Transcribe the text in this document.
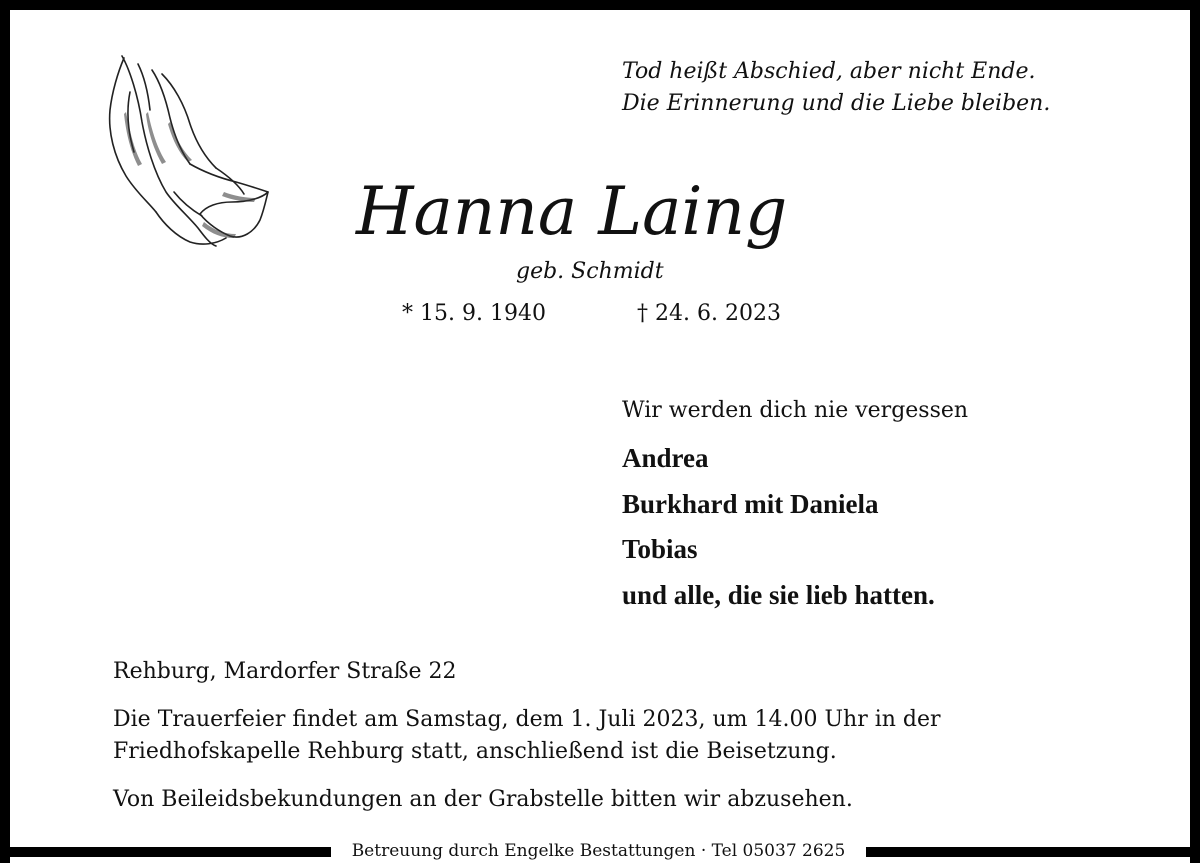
Tod heißt Abschied, aber nicht Ende.
Die Erinnerung und die Liebe bleiben.
Hanna Laing
geb. Schmidt
* 15. 9. 1940	† 24. 6. 2023
Wir werden dich nie vergessen
Andrea
Burkhard mit Daniela
Tobias
und alle, die sie lieb hatten.

Rehburg, Mardorfer Straße 22

Die Trauerfeier findet am Samstag, dem 1. Juli 2023, um 14.00 Uhr in der

Friedhofskapelle Rehburg statt, anschließend ist die Beisetzung.

Von Beileidsbekundungen an der Grabstelle bitten wir abzusehen.

Betreuung durch Engelke Bestattungen · Tel 05037 2625
